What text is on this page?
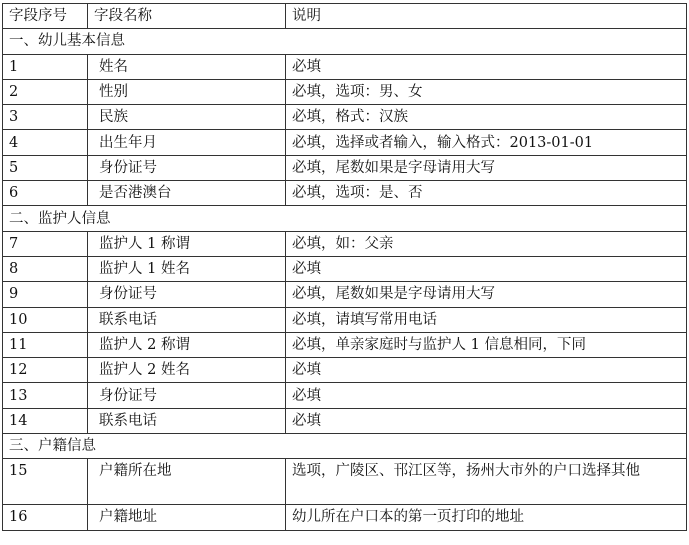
字段序号	字段名称	说明
一、幼儿基本信息		
1	姓名	必填
2	性别	必填，选项：男、女
3	民族	必填，格式：汉族
4	出生年月	必填，选择或者输入，输入格式：2013-01-01
5	身份证号	必填，尾数如果是字母请用大写
6	是否港澳台	必填，选项：是、否
二、监护人信息		
7	监护人 1 称谓	必填，如：父亲
8	监护人 1 姓名	必填
9	身份证号	必填，尾数如果是字母请用大写
10	联系电话	必填，请填写常用电话
11	监护人 2 称谓	必填，单亲家庭时与监护人 1 信息相同，下同
12	监护人 2 姓名	必填
13	身份证号	必填
14	联系电话	必填
三、户籍信息		
15	户籍所在地	选项，广陵区、邗江区等，扬州大市外的户口选择其他
16	户籍地址	幼儿所在户口本的第一页打印的地址
